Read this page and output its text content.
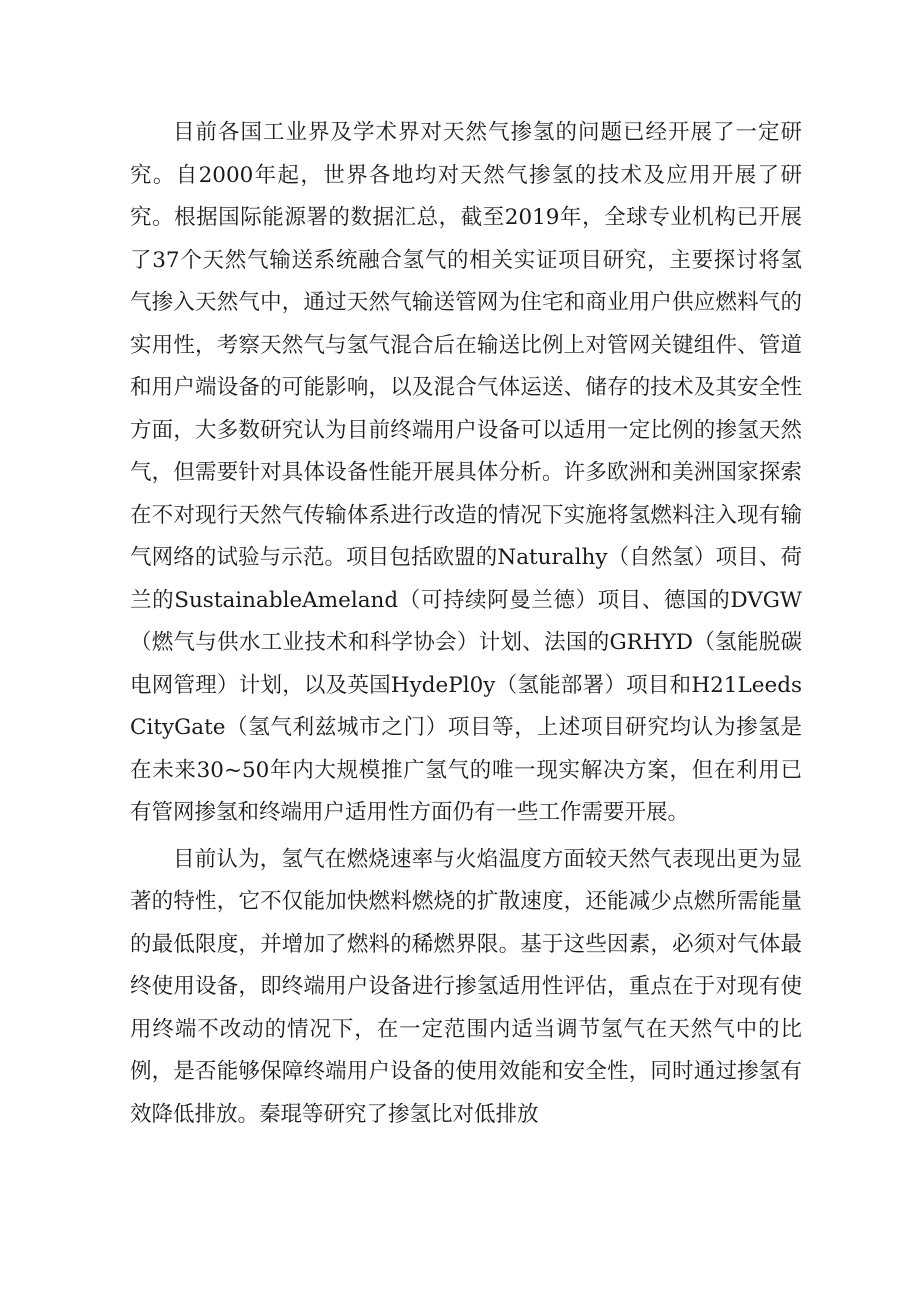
目前各国工业界及学术界对天然气掺氢的问题已经开展了一定研究。自2000年起，世界各地均对天然气掺氢的技术及应用开展了研究。根据国际能源署的数据汇总，截至2019年，全球专业机构已开展了37个天然气输送系统融合氢气的相关实证项目研究，主要探讨将氢气掺入天然气中，通过天然气输送管网为住宅和商业用户供应燃料气的实用性，考察天然气与氢气混合后在输送比例上对管网关键组件、管道和用户端设备的可能影响，以及混合气体运送、储存的技术及其安全性方面，大多数研究认为目前终端用户设备可以适用一定比例的掺氢天然气，但需要针对具体设备性能开展具体分析。许多欧洲和美洲国家探索在不对现行天然气传输体系进行改造的情况下实施将氢燃料注入现有输气网络的试验与示范。项目包括欧盟的Naturalhy（自然氢）项目、荷兰的SustainableAmeland（可持续阿曼兰德）项目、德国的DVGW（燃气与供水工业技术和科学协会）计划、法国的GRHYD（氢能脱碳电网管理）计划，以及英国HydePl0y（氢能部署）项目和H21LeedsCityGate（氢气利兹城市之门）项目等，上述项目研究均认为掺氢是在未来30~50年内大规模推广氢气的唯一现实解决方案，但在利用已有管网掺氢和终端用户适用性方面仍有一些工作需要开展。

目前认为，氢气在燃烧速率与火焰温度方面较天然气表现出更为显著的特性，它不仅能加快燃料燃烧的扩散速度，还能减少点燃所需能量的最低限度，并增加了燃料的稀燃界限。基于这些因素，必须对气体最终使用设备，即终端用户设备进行掺氢适用性评估，重点在于对现有使用终端不改动的情况下，在一定范围内适当调节氢气在天然气中的比例，是否能够保障终端用户设备的使用效能和安全性，同时通过掺氢有效降低排放。秦琨等研究了掺氢比对低排放
